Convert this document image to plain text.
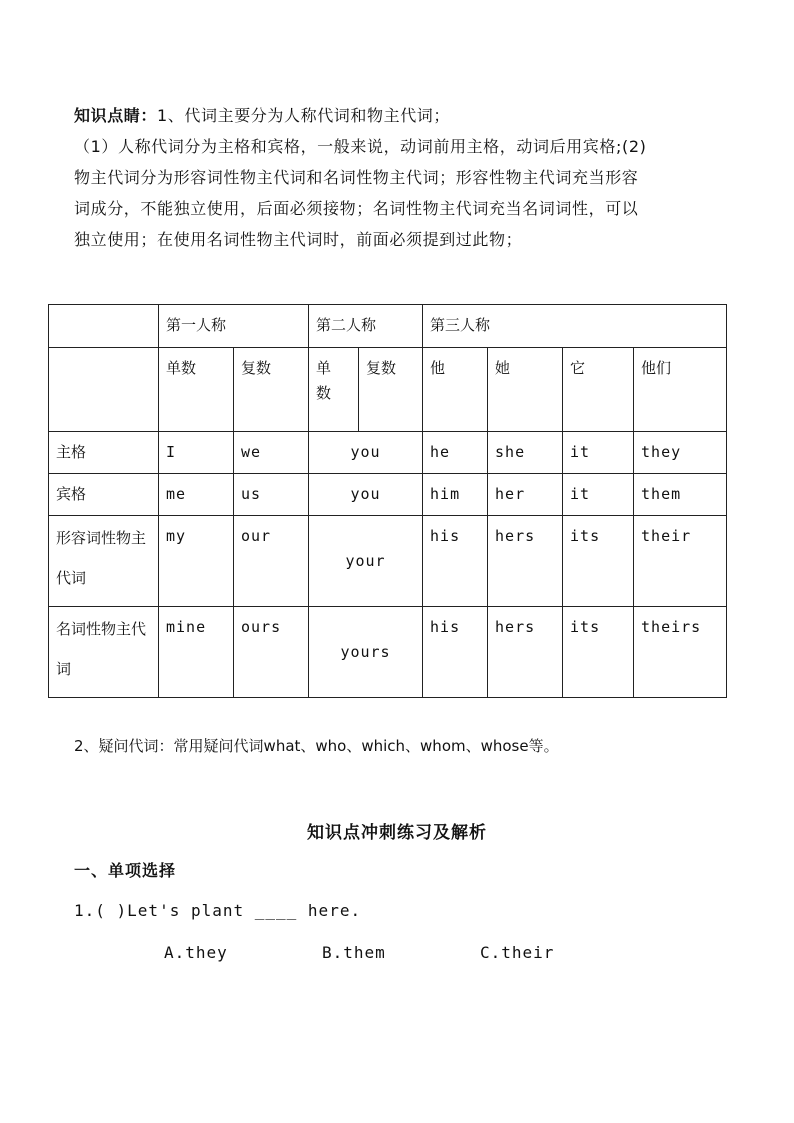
知识点睛：1、代词主要分为人称代词和物主代词；
（1）人称代词分为主格和宾格，一般来说，动词前用主格，动词后用宾格;(2)
物主代词分为形容词性物主代词和名词性物主代词；形容性物主代词充当形容
词成分，不能独立使用，后面必须接物；名词性物主代词充当名词词性，可以
独立使用；在使用名词性物主代词时，前面必须提到过此物；

	第一人称		第二人称		第三人称			

	单数	复数	单数	复数	他	她	它	他们

主格	I	we	you		he	she	it	they

宾格	me	us	you		him	her	it	them

形容词性物主代词	my	our	your		his	hers	its	their

名词性物主代词	mine	ours	yours		his	hers	its	theirs
2、疑问代词：常用疑问代词what、who、which、whom、whose等。
知识点冲刺练习及解析
一、单项选择
1.( )Let's plant ____ here.
A.they	B.them	C.their
